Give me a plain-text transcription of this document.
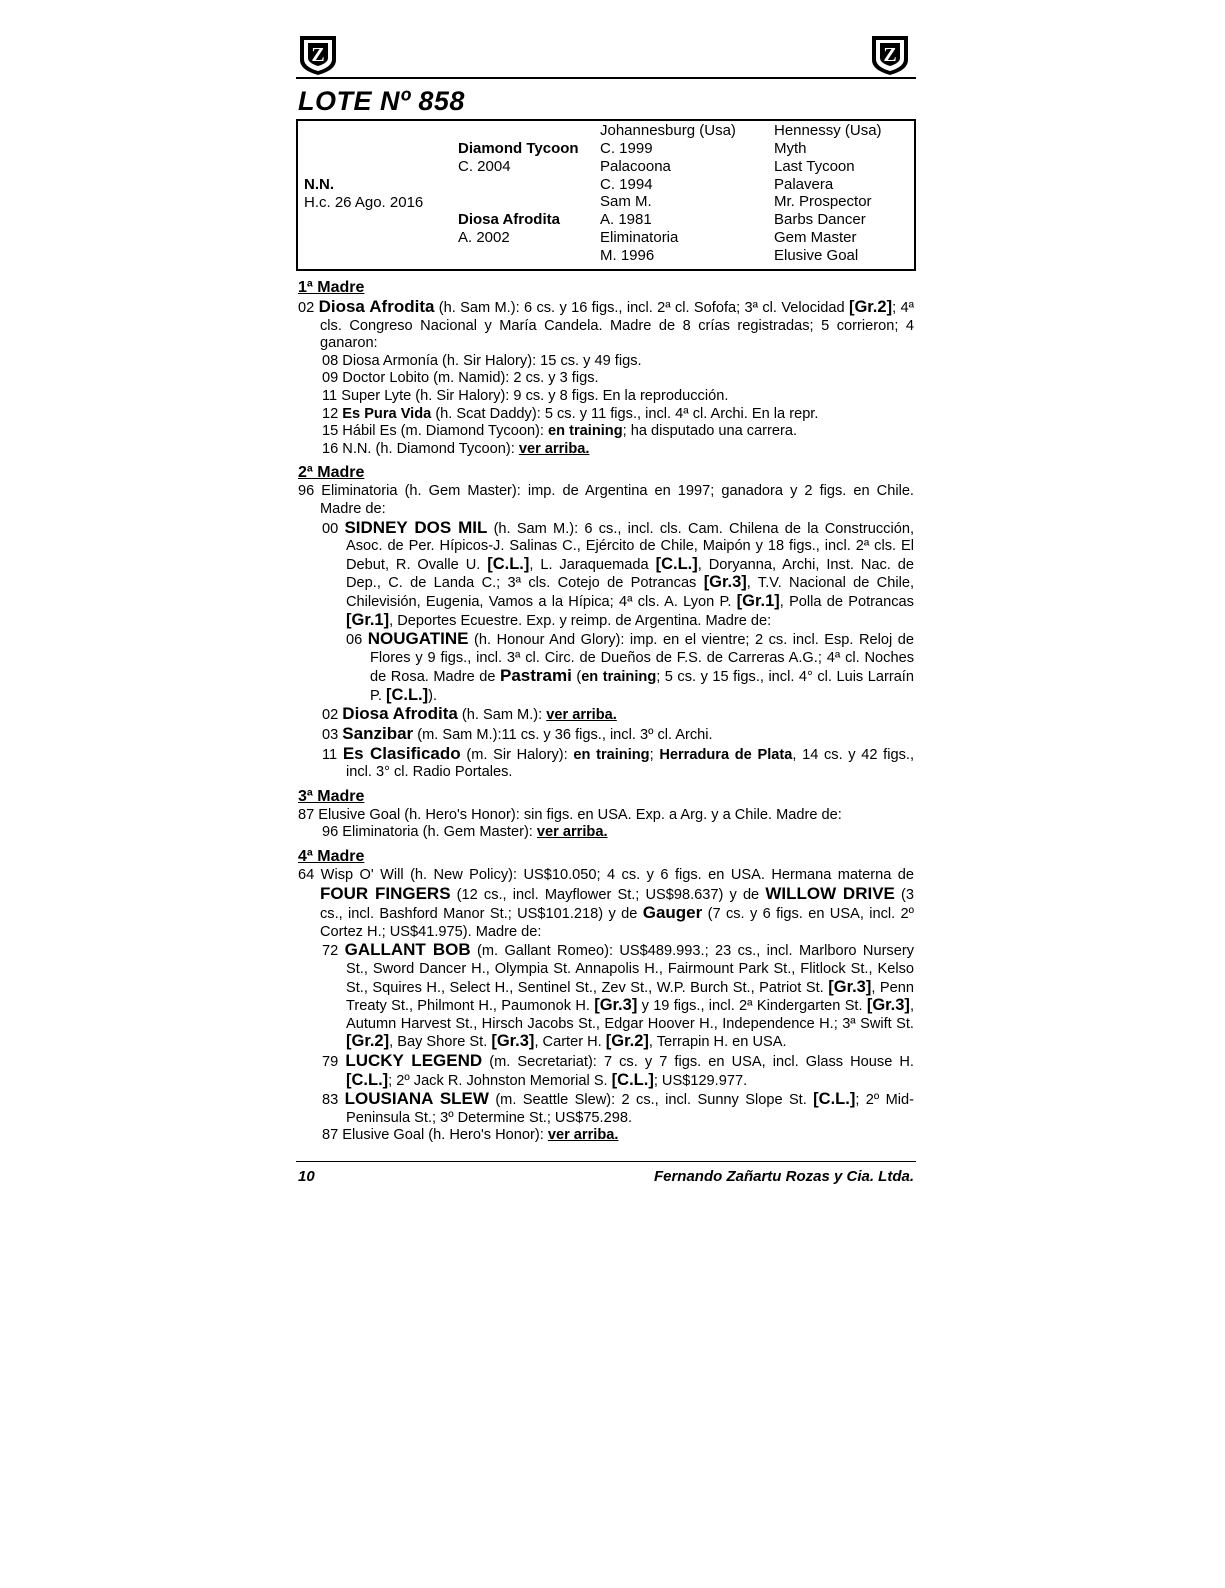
Z	Z
LOTE Nº 858
N.N.
H.c. 26 Ago. 2016
Diamond Tycoon
C. 2004
Diosa Afrodita
A. 2002
Johannesburg (Usa)
C. 1999
Palacoona
C. 1994
Sam M.
A. 1981
Eliminatoria
M. 1996
Hennessy (Usa)
Myth
Last Tycoon
Palavera
Mr. Prospector
Barbs Dancer
Gem Master
Elusive Goal
1ª Madre
02 Diosa Afrodita (h. Sam M.): 6 cs. y 16 figs., incl. 2ª cl. Sofofa; 3ª cl. Velocidad [Gr.2]; 4ª cls. Congreso Nacional y María Candela. Madre de 8 crías registradas; 5 corrieron; 4 ganaron:
08 Diosa Armonía (h. Sir Halory): 15 cs. y 49 figs.
09 Doctor Lobito (m. Namid): 2 cs. y 3 figs.
11 Super Lyte (h. Sir Halory): 9 cs. y 8 figs. En la reproducción.
12 Es Pura Vida (h. Scat Daddy): 5 cs. y 11 figs., incl. 4ª cl. Archi. En la repr.
15 Hábil Es (m. Diamond Tycoon): en training; ha disputado una carrera.
16 N.N. (h. Diamond Tycoon): ver arriba.
2ª Madre
96 Eliminatoria (h. Gem Master): imp. de Argentina en 1997; ganadora y 2 figs. en Chile. Madre de:
00 SIDNEY DOS MIL (h. Sam M.): 6 cs., incl. cls. Cam. Chilena de la Construcción, Asoc. de Per. Hípicos-J. Salinas C., Ejército de Chile, Maipón y 18 figs., incl. 2ª cls. El Debut, R. Ovalle U. [C.L.], L. Jaraquemada [C.L.], Doryanna, Archi, Inst. Nac. de Dep., C. de Landa C.; 3ª cls. Cotejo de Potrancas [Gr.3], T.V. Nacional de Chile, Chilevisión, Eugenia, Vamos a la Hípica; 4ª cls. A. Lyon P. [Gr.1], Polla de Potrancas [Gr.1], Deportes Ecuestre. Exp. y reimp. de Argentina. Madre de:
06 NOUGATINE (h. Honour And Glory): imp. en el vientre; 2 cs. incl. Esp. Reloj de Flores y 9 figs., incl. 3ª cl. Circ. de Dueños de F.S. de Carreras A.G.; 4ª cl. Noches de Rosa. Madre de Pastrami (en training; 5 cs. y 15 figs., incl. 4° cl. Luis Larraín P. [C.L.]).
02 Diosa Afrodita (h. Sam M.): ver arriba.
03 Sanzibar (m. Sam M.):11 cs. y 36 figs., incl. 3º cl. Archi.
11 Es Clasificado (m. Sir Halory): en training; Herradura de Plata, 14 cs. y 42 figs., incl. 3° cl. Radio Portales.
3ª Madre
87 Elusive Goal (h. Hero's Honor): sin figs. en USA. Exp. a Arg. y a Chile. Madre de:
96 Eliminatoria (h. Gem Master): ver arriba.
4ª Madre
64 Wisp O' Will (h. New Policy): US$10.050; 4 cs. y 6 figs. en USA. Hermana materna de FOUR FINGERS (12 cs., incl. Mayflower St.; US$98.637) y de WILLOW DRIVE (3 cs., incl. Bashford Manor St.; US$101.218) y de Gauger (7 cs. y 6 figs. en USA, incl. 2º Cortez H.; US$41.975). Madre de:
72 GALLANT BOB (m. Gallant Romeo): US$489.993.; 23 cs., incl. Marlboro Nursery St., Sword Dancer H., Olympia St. Annapolis H., Fairmount Park St., Flitlock St., Kelso St., Squires H., Select H., Sentinel St., Zev St., W.P. Burch St., Patriot St. [Gr.3], Penn Treaty St., Philmont H., Paumonok H. [Gr.3] y 19 figs., incl. 2ª Kindergarten St. [Gr.3], Autumn Harvest St., Hirsch Jacobs St., Edgar Hoover H., Independence H.; 3ª Swift St. [Gr.2], Bay Shore St. [Gr.3], Carter H. [Gr.2], Terrapin H. en USA.
79 LUCKY LEGEND (m. Secretariat): 7 cs. y 7 figs. en USA, incl. Glass House H. [C.L.]; 2º Jack R. Johnston Memorial S. [C.L.]; US$129.977.
83 LOUSIANA SLEW (m. Seattle Slew): 2 cs., incl. Sunny Slope St. [C.L.]; 2º Mid-Peninsula St.; 3º Determine St.; US$75.298.
87 Elusive Goal (h. Hero's Honor): ver arriba.
10	Fernando Zañartu Rozas y Cia. Ltda.
